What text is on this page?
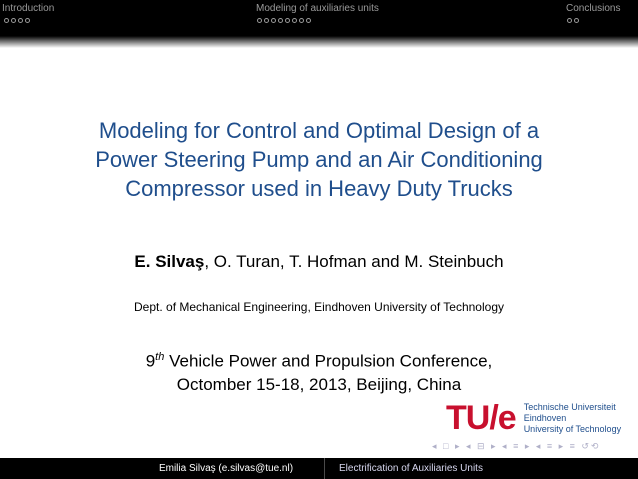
Introduction	Modeling of auxiliaries units	Conclusions
Modeling for Control and Optimal Design of a
Power Steering Pump and an Air Conditioning
Compressor used in Heavy Duty Trucks
E. Silvaş, O. Turan, T. Hofman and M. Steinbuch
Dept. of Mechanical Engineering, Eindhoven University of Technology
9th Vehicle Power and Propulsion Conference,
Octomber 15-18, 2013, Beijing, China
TU/e Technische Universiteit
Eindhoven
University of Technology
◂ □ ▸ ◂ ⊟ ▸ ◂ ≡ ▸ ◂ ≡ ▸ ≡ ↺⟲
Emilia Silvaş (e.silvas@tue.nl)	Electrification of Auxiliaries Units
